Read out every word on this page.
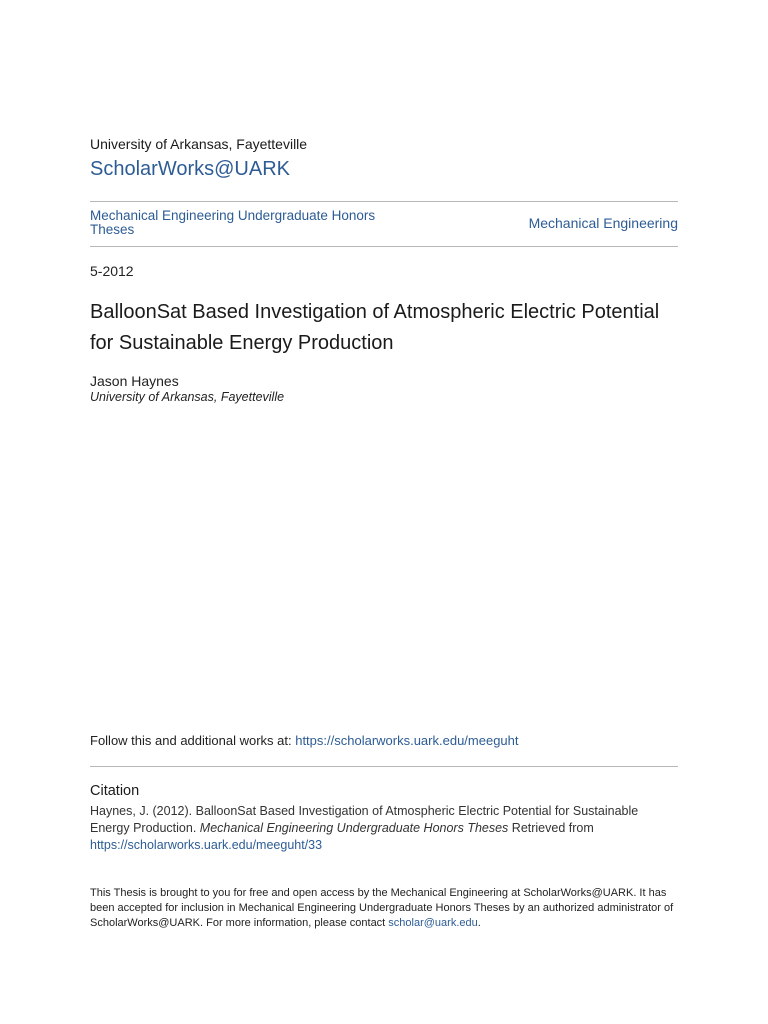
University of Arkansas, Fayetteville
ScholarWorks@UARK
Mechanical Engineering Undergraduate Honors Theses	Mechanical Engineering
5-2012
BalloonSat Based Investigation of Atmospheric Electric Potential for Sustainable Energy Production
Jason Haynes
University of Arkansas, Fayetteville
Follow this and additional works at: https://scholarworks.uark.edu/meeguht
Citation
Haynes, J. (2012). BalloonSat Based Investigation of Atmospheric Electric Potential for Sustainable Energy Production. Mechanical Engineering Undergraduate Honors Theses Retrieved from
https://scholarworks.uark.edu/meeguht/33
This Thesis is brought to you for free and open access by the Mechanical Engineering at ScholarWorks@UARK. It has been accepted for inclusion in Mechanical Engineering Undergraduate Honors Theses by an authorized administrator of ScholarWorks@UARK. For more information, please contact scholar@uark.edu.
